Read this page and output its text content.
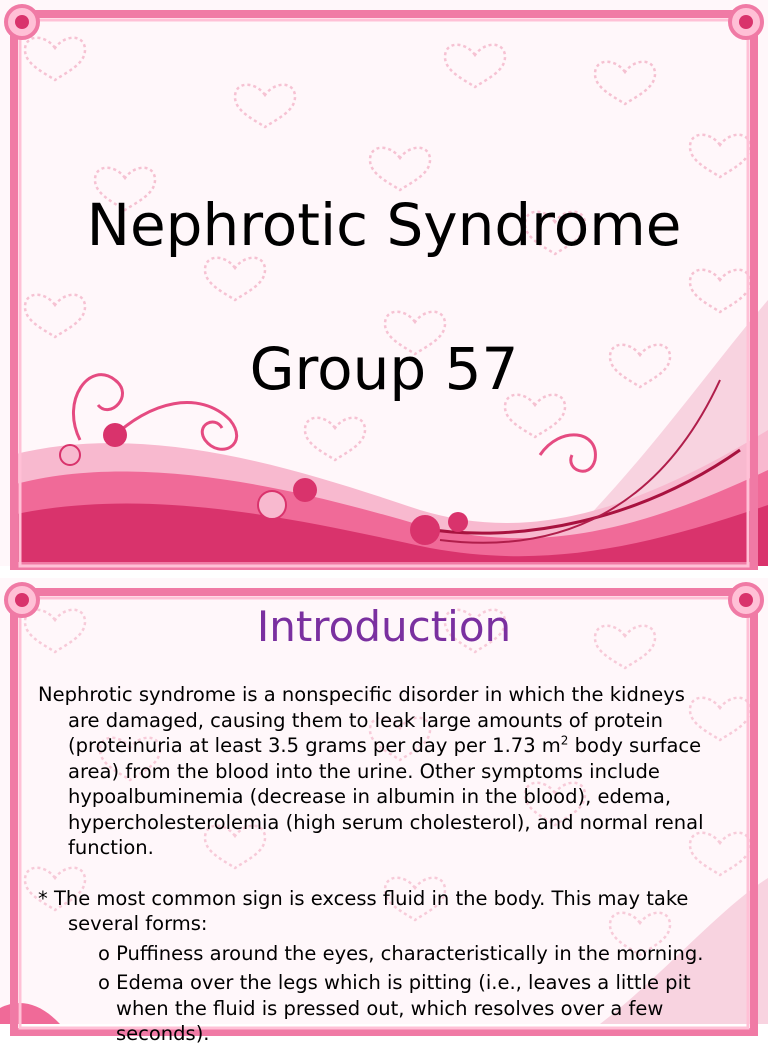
Nephrotic Syndrome
Group 57
Introduction

Nephrotic syndrome is a nonspecific disorder in which the kidneys are damaged, causing them to leak large amounts of protein (proteinuria at least 3.5 grams per day per 1.73 $m^2$ body surface area) from the blood into the urine. Other symptoms include hypoalbuminemia (decrease in albumin in the blood), edema, hypercholesterolemia (high serum cholesterol), and normal renal function.

* The most common sign is excess fluid in the body. This may take several forms:

o Puffiness around the eyes, characteristically in the morning.

o Edema over the legs which is pitting (i.e., leaves a little pit when the fluid is pressed out, which resolves over a few seconds).
